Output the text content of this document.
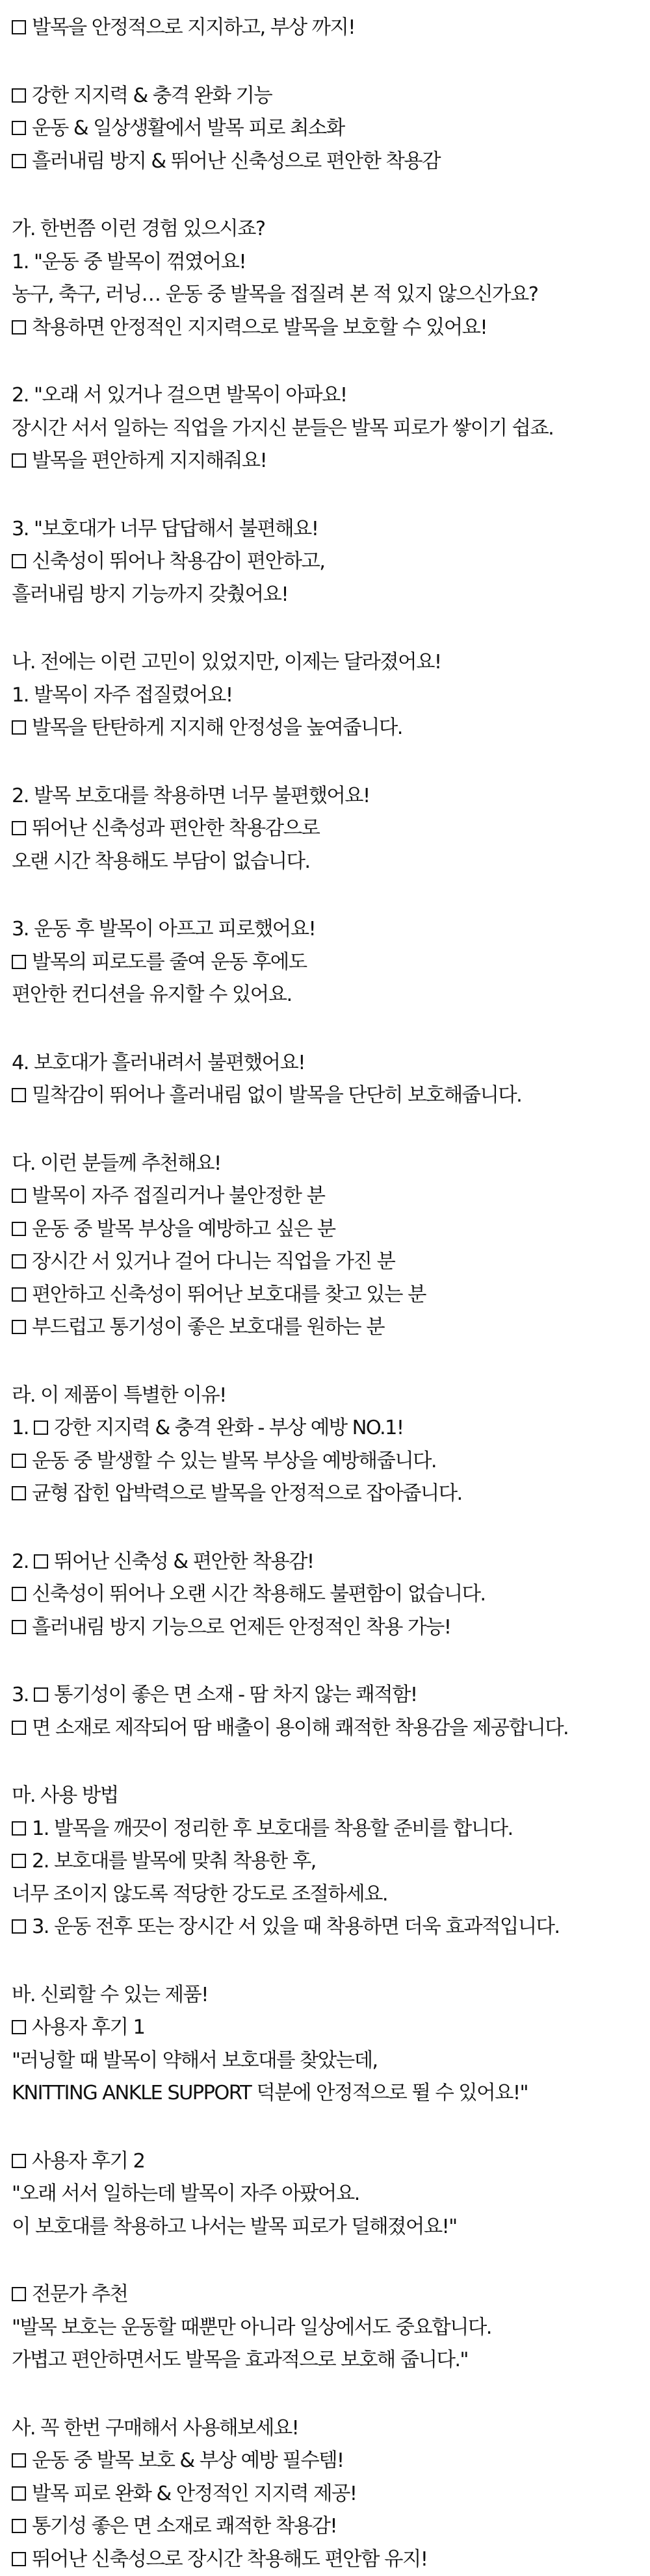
발목을 안정적으로 지지하고, 부상 까지!
강한 지지력 & 충격 완화 기능
운동 & 일상생활에서 발목 피로 최소화
흘러내림 방지 & 뛰어난 신축성으로 편안한 착용감
가. 한번쯤 이런 경험 있으시죠?
1. "운동 중 발목이 꺾였어요!
농구, 축구, 러닝… 운동 중 발목을 접질려 본 적 있지 않으신가요?
착용하면 안정적인 지지력으로 발목을 보호할 수 있어요!
2. "오래 서 있거나 걸으면 발목이 아파요!
장시간 서서 일하는 직업을 가지신 분들은 발목 피로가 쌓이기 쉽죠.
발목을 편안하게 지지해줘요!
3. "보호대가 너무 답답해서 불편해요!
신축성이 뛰어나 착용감이 편안하고,
흘러내림 방지 기능까지 갖췄어요!
나. 전에는 이런 고민이 있었지만, 이제는 달라졌어요!
1. 발목이 자주 접질렸어요!
발목을 탄탄하게 지지해 안정성을 높여줍니다.
2. 발목 보호대를 착용하면 너무 불편했어요!
뛰어난 신축성과 편안한 착용감으로
오랜 시간 착용해도 부담이 없습니다.
3. 운동 후 발목이 아프고 피로했어요!
발목의 피로도를 줄여 운동 후에도
편안한 컨디션을 유지할 수 있어요.
4. 보호대가 흘러내려서 불편했어요!
밀착감이 뛰어나 흘러내림 없이 발목을 단단히 보호해줍니다.
다. 이런 분들께 추천해요!
발목이 자주 접질리거나 불안정한 분
운동 중 발목 부상을 예방하고 싶은 분
장시간 서 있거나 걸어 다니는 직업을 가진 분
편안하고 신축성이 뛰어난 보호대를 찾고 있는 분
부드럽고 통기성이 좋은 보호대를 원하는 분
라. 이 제품이 특별한 이유!
1. 강한 지지력 & 충격 완화 - 부상 예방 NO.1!
운동 중 발생할 수 있는 발목 부상을 예방해줍니다.
균형 잡힌 압박력으로 발목을 안정적으로 잡아줍니다.
2. 뛰어난 신축성 & 편안한 착용감!
신축성이 뛰어나 오랜 시간 착용해도 불편함이 없습니다.
흘러내림 방지 기능으로 언제든 안정적인 착용 가능!
3. 통기성이 좋은 면 소재 - 땀 차지 않는 쾌적함!
면 소재로 제작되어 땀 배출이 용이해 쾌적한 착용감을 제공합니다.
마. 사용 방법
1. 발목을 깨끗이 정리한 후 보호대를 착용할 준비를 합니다.
2. 보호대를 발목에 맞춰 착용한 후,
너무 조이지 않도록 적당한 강도로 조절하세요.
3. 운동 전후 또는 장시간 서 있을 때 착용하면 더욱 효과적입니다.
바. 신뢰할 수 있는 제품!
사용자 후기 1
"러닝할 때 발목이 약해서 보호대를 찾았는데,
KNITTING ANKLE SUPPORT 덕분에 안정적으로 뛸 수 있어요!"
사용자 후기 2
"오래 서서 일하는데 발목이 자주 아팠어요.
이 보호대를 착용하고 나서는 발목 피로가 덜해졌어요!"
전문가 추천
"발목 보호는 운동할 때뿐만 아니라 일상에서도 중요합니다.
가볍고 편안하면서도 발목을 효과적으로 보호해 줍니다."
사. 꼭 한번 구매해서 사용해보세요!
운동 중 발목 보호 & 부상 예방 필수템!
발목 피로 완화 & 안정적인 지지력 제공!
통기성 좋은 면 소재로 쾌적한 착용감!
뛰어난 신축성으로 장시간 착용해도 편안함 유지!
